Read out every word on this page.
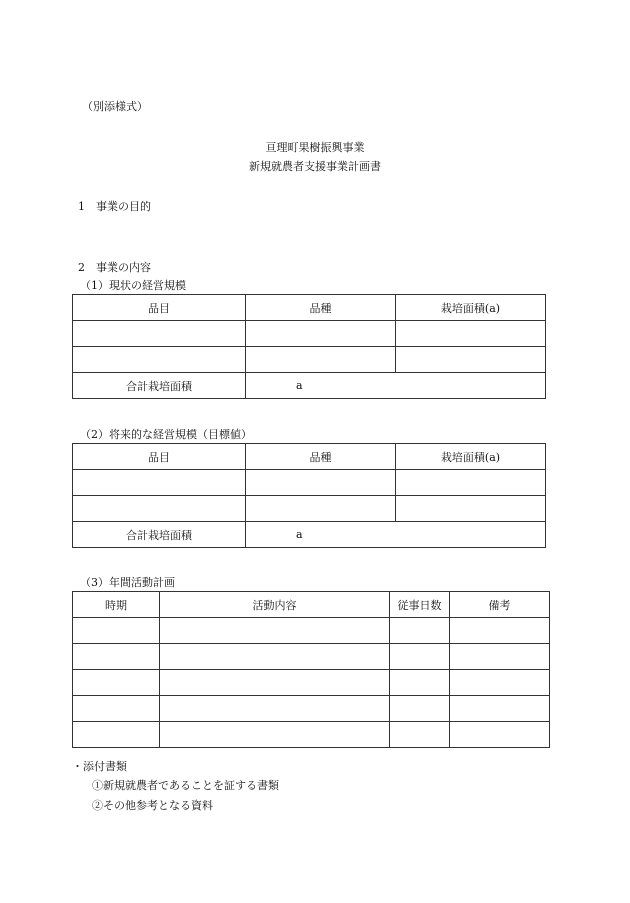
（別添様式）
亘理町果樹振興事業
新規就農者支援事業計画書
1　事業の目的
2　事業の内容
（1）現状の経営規模
品目	品種	栽培面積(a)

合計栽培面積	a	
（2）将来的な経営規模（目標値）
品目	品種	栽培面積(a)

合計栽培面積	a	
（3）年間活動計画
時期	活動内容	従事日数	備考

・添付書類
①新規就農者であることを証する書類
②その他参考となる資料
